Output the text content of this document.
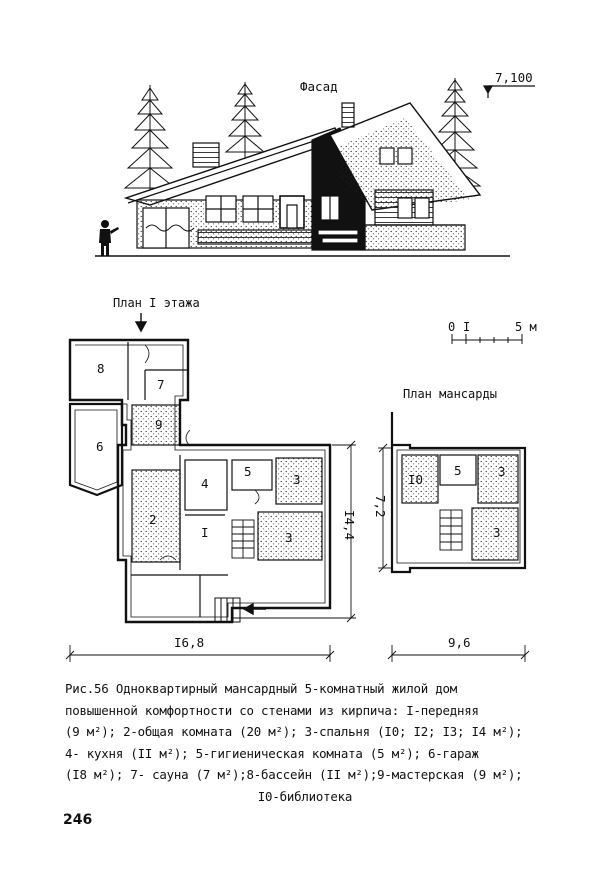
Фасад
7,100
План I этажа
8
7
9
6
4
5
3
2
I	3
I6,8
I4,4
0 I	5 м
План мансарды
I0
5	3
3
9,6
7,2
Рис.56 Одноквартирный мансардный 5-комнатный жилой дом
повышенной комфортности со стенами из кирпича: I-передняя
(9 м²); 2-общая комната (20 м²); 3-спальня (I0; I2; I3; I4 м²);
4- кухня (II м²); 5-гигиеническая комната (5 м²); 6-гараж
(I8 м²); 7- сауна (7 м²);8-бассейн (II м²);9-мастерская (9 м²);
I0-библиотека
246
